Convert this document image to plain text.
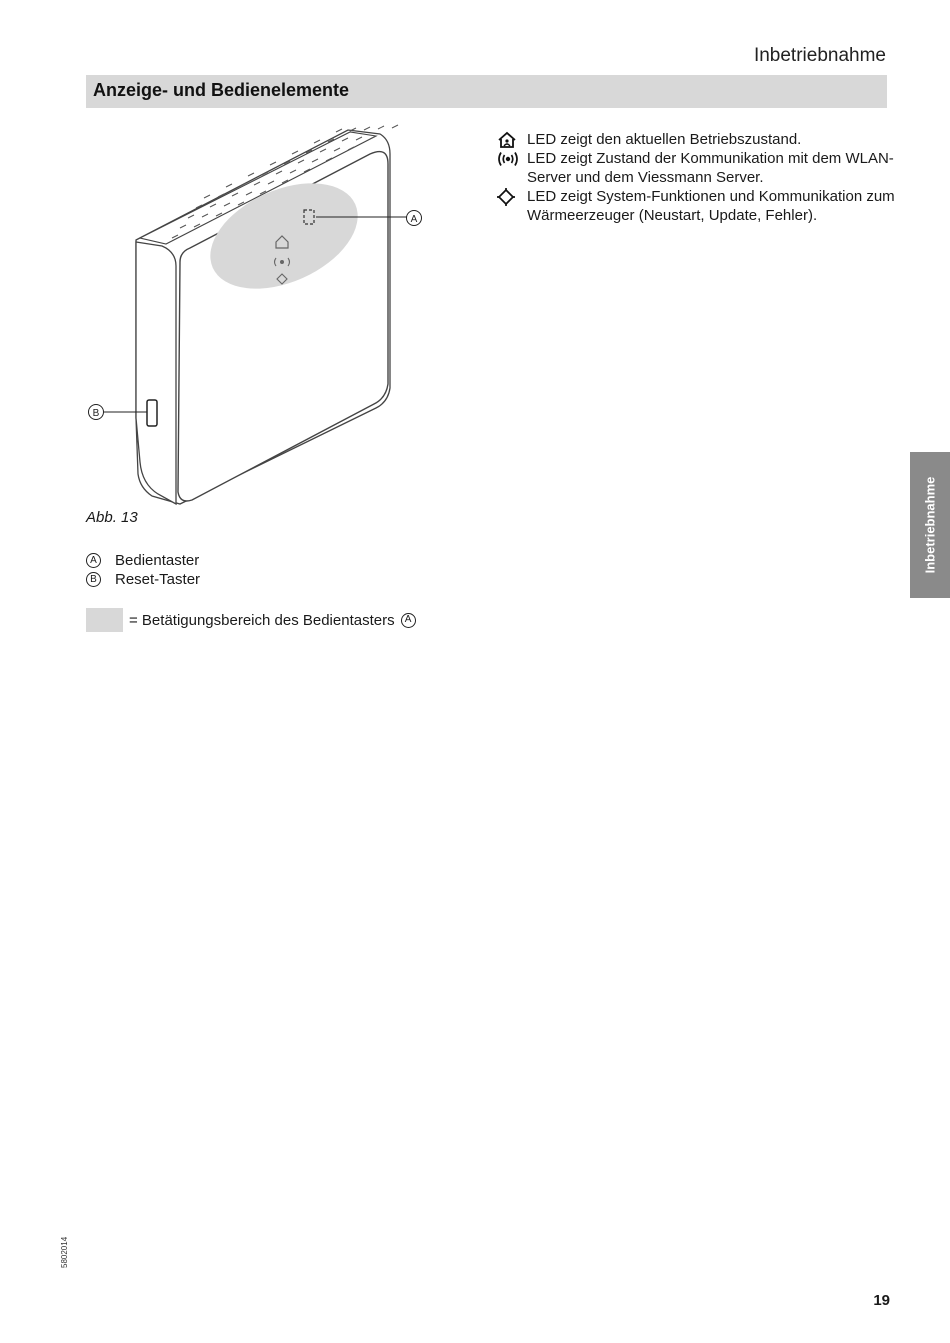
Inbetriebnahme
Anzeige- und Bedienelemente
A
B
Abb. 13
A Bedientaster
B Reset-Taster
= Betätigungsbereich des Bedientasters	A
LED zeigt den aktuellen Betriebszustand.
LED zeigt Zustand der Kommunikation mit dem WLAN-Server und dem Viessmann Server.
LED zeigt System-Funktionen und Kommunikation zum Wärmeerzeuger (Neustart, Update, Fehler).
Inbetriebnahme
5802014
19
